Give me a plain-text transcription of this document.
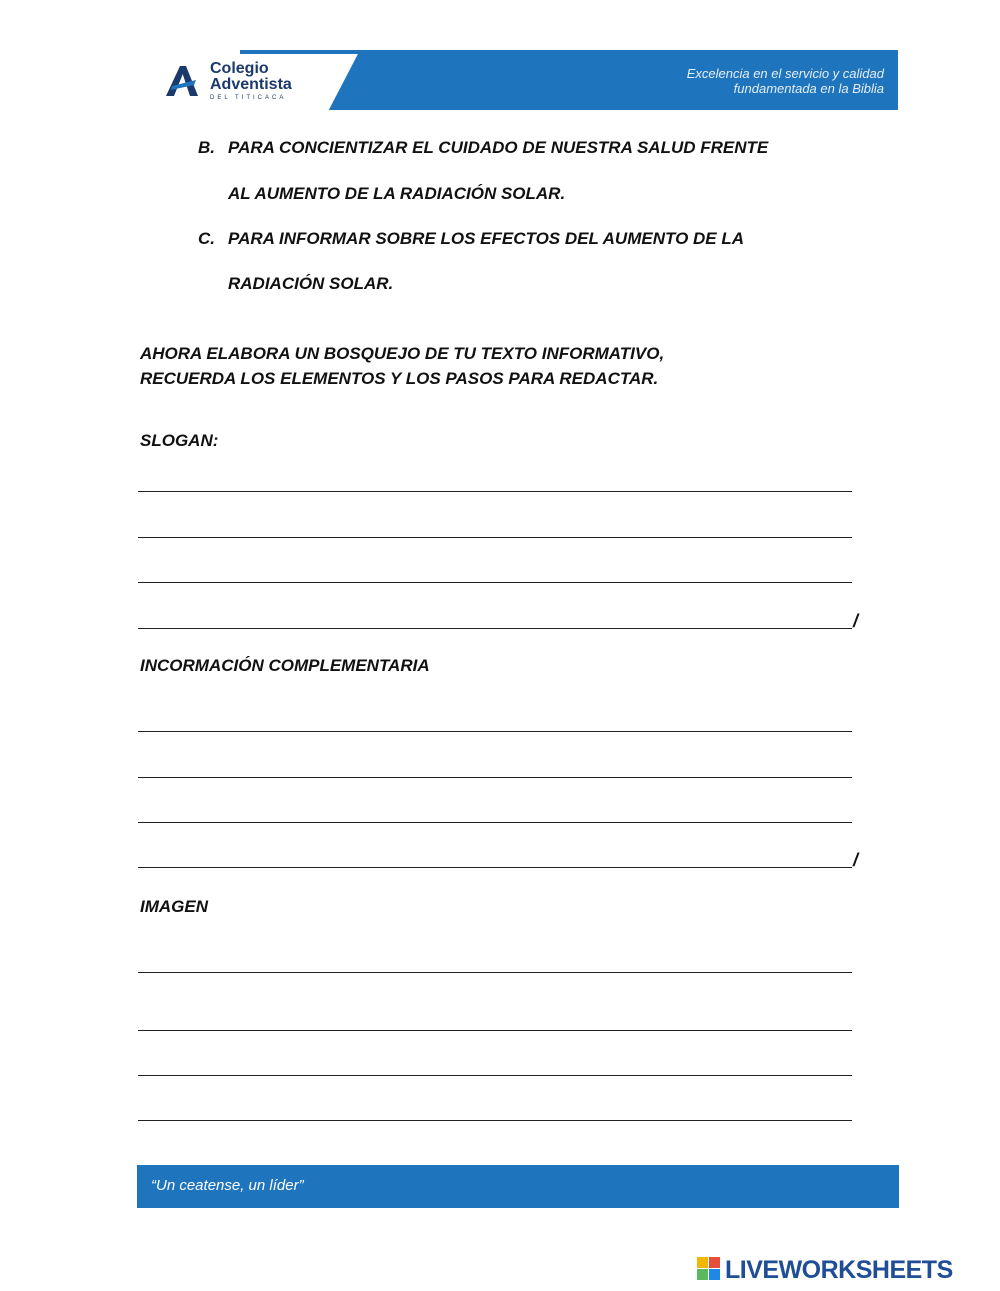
Colegio
Adventista
DEL TITICACA
Excelencia en el servicio y calidad
fundamentada en la Biblia
B. PARA CONCIENTIZAR EL CUIDADO DE NUESTRA SALUD FRENTE
AL AUMENTO DE LA RADIACIÓN SOLAR.
C. PARA INFORMAR SOBRE LOS EFECTOS DEL AUMENTO DE LA
RADIACIÓN SOLAR.
AHORA ELABORA UN BOSQUEJO DE TU TEXTO INFORMATIVO,
RECUERDA LOS ELEMENTOS Y LOS PASOS PARA REDACTAR.
SLOGAN:
/
INCORMACIÓN COMPLEMENTARIA
/
IMAGEN
“Un ceatense, un líder”
LIVEWORKSHEETS
